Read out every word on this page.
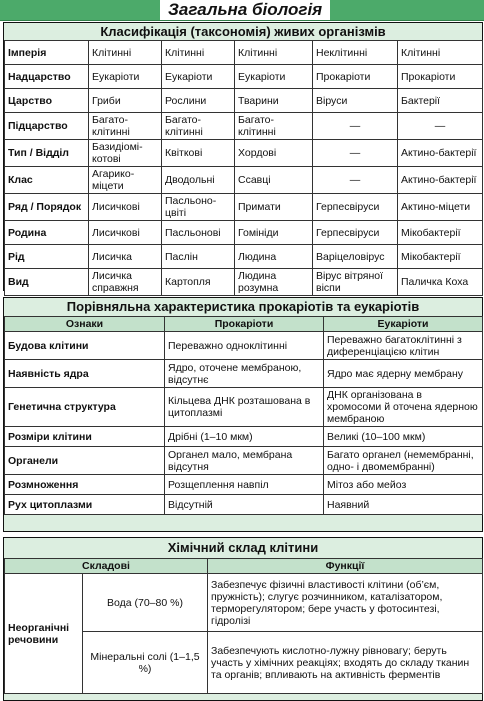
Загальна біологія
Класифікація (таксономія) живих організмів
Імперія	Клітинні	Клітинні	Клітинні	Неклітинні	Клітинні
Надцарство	Еукаріоти	Еукаріоти	Еукаріоти	Прокаріоти	Прокаріоти
Царство	Гриби	Рослини	Тварини	Віруси	Бактерії
Підцарство	Багато-клітинні	Багато-клітинні	Багато-клітинні	—	—
Тип / Відділ	Базидіомі-котові	Квіткові	Хордові	—	Актино-бактерії
Клас	Агарико-міцети	Дводольні	Ссавці	—	Актино-бактерії
Ряд / Порядок	Лисичкові	Пасльоно-цвіті	Примати	Герпесвіруси	Актино-міцети
Родина	Лисичкові	Пасльонові	Гомініди	Герпесвіруси	Мікобактерії
Рід	Лисичка	Паслін	Людина	Варіцеловірус	Мікобактерії
Вид	Лисичка справжня	Картопля	Людина розумна	Вірус вітряної віспи	Паличка Коха
Порівняльна характеристика прокаріотів та еукаріотів
Ознаки	Прокаріоти	Еукаріоти
Будова клітини	Переважно одноклітинні	Переважно багатоклітинні з диференціацією клітин
Наявність ядра	Ядро, оточене мембраною, відсутнє	Ядро має ядерну мембрану
Генетична структура	Кільцева ДНК розташована в цитоплазмі	ДНК організована в хромосоми й оточена ядерною мембраною
Розміри клітини	Дрібні (1–10 мкм)	Великі (10–100 мкм)
Органели	Органел мало, мембрана відсутня	Багато органел (немембранні, одно- і двомембранні)
Розмноження	Розщеплення навпіл	Мітоз або мейоз
Рух цитоплазми	Відсутній	Наявний
Хімічний склад клітини
Складові		Функції
Неорганічні речовини	Вода (70–80 %)	Забезпечує фізичні властивості клітини (об’єм, пружність); слугує розчинником, каталізатором, терморегулятором; бере участь у фотосинтезі, гідролізі
	Мінеральні солі (1–1,5 %)	Забезпечують кислотно-лужну рівновагу; беруть участь у хімічних реакціях; входять до складу тканин та органів; впливають на активність ферментів
